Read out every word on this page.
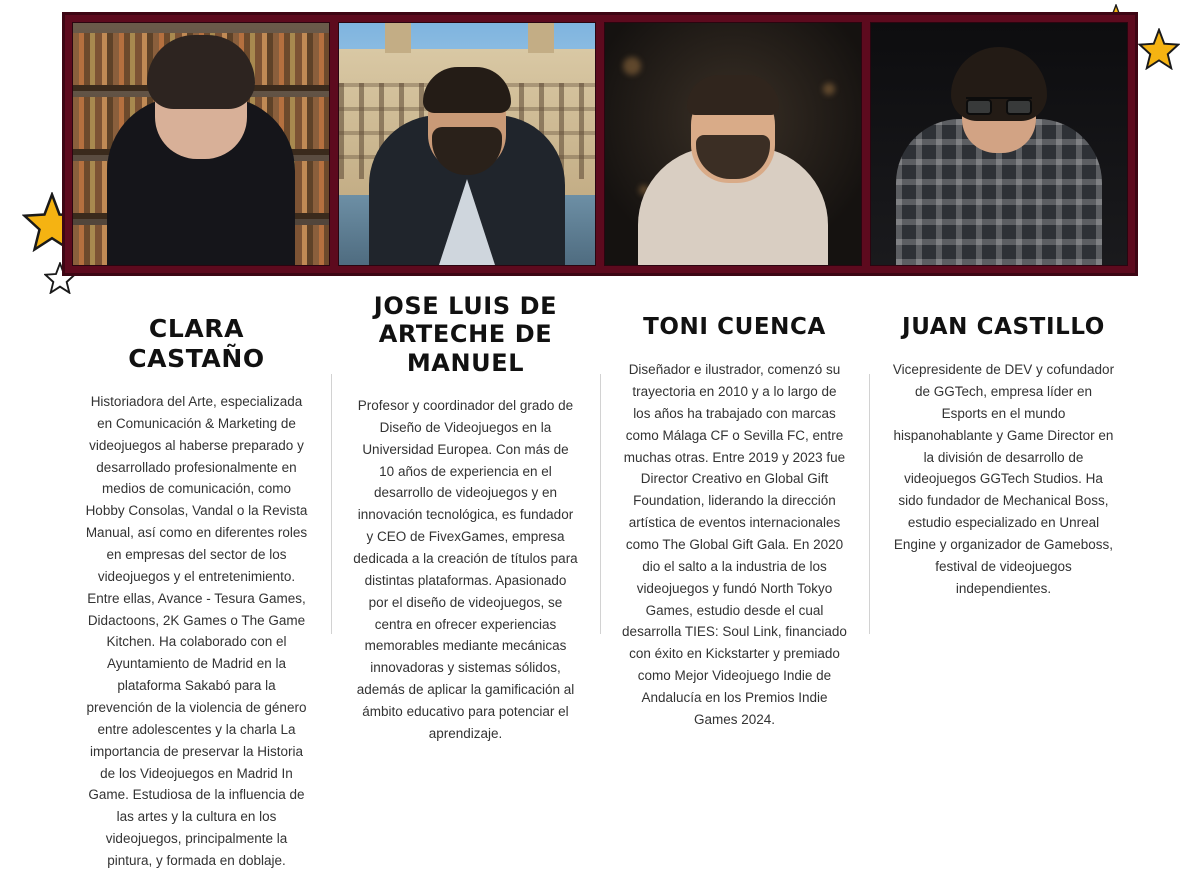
CLARA CASTAÑO

Historiadora del Arte, especializada en Comunicación & Marketing de videojuegos al haberse preparado y desarrollado profesionalmente en medios de comunicación, como Hobby Consolas, Vandal o la Revista Manual, así como en diferentes roles en empresas del sector de los videojuegos y el entretenimiento. Entre ellas, Avance - Tesura Games, Didactoons, 2K Games o The Game Kitchen. Ha colaborado con el Ayuntamiento de Madrid en la plataforma Sakabó para la prevención de la violencia de género entre adolescentes y la charla La importancia de preservar la Historia de los Videojuegos en Madrid In Game. Estudiosa de la influencia de las artes y la cultura en los videojuegos, principalmente la pintura, y formada en doblaje.

JOSE LUIS DE ARTECHE DE MANUEL

Profesor y coordinador del grado de Diseño de Videojuegos en la Universidad Europea. Con más de 10 años de experiencia en el desarrollo de videojuegos y en innovación tecnológica, es fundador y CEO de FivexGames, empresa dedicada a la creación de títulos para distintas plataformas. Apasionado por el diseño de videojuegos, se centra en ofrecer experiencias memorables mediante mecánicas innovadoras y sistemas sólidos, además de aplicar la gamificación al ámbito educativo para potenciar el aprendizaje.

TONI CUENCA

Diseñador e ilustrador, comenzó su trayectoria en 2010 y a lo largo de los años ha trabajado con marcas como Málaga CF o Sevilla FC, entre muchas otras. Entre 2019 y 2023 fue Director Creativo en Global Gift Foundation, liderando la dirección artística de eventos internacionales como The Global Gift Gala. En 2020 dio el salto a la industria de los videojuegos y fundó North Tokyo Games, estudio desde el cual desarrolla TIES: Soul Link, financiado con éxito en Kickstarter y premiado como Mejor Videojuego Indie de Andalucía en los Premios Indie Games 2024.

JUAN CASTILLO

Vicepresidente de DEV y cofundador de GGTech, empresa líder en Esports en el mundo hispanohablante y Game Director en la división de desarrollo de videojuegos GGTech Studios. Ha sido fundador de Mechanical Boss, estudio especializado en Unreal Engine y organizador de Gameboss, festival de videojuegos independientes.
